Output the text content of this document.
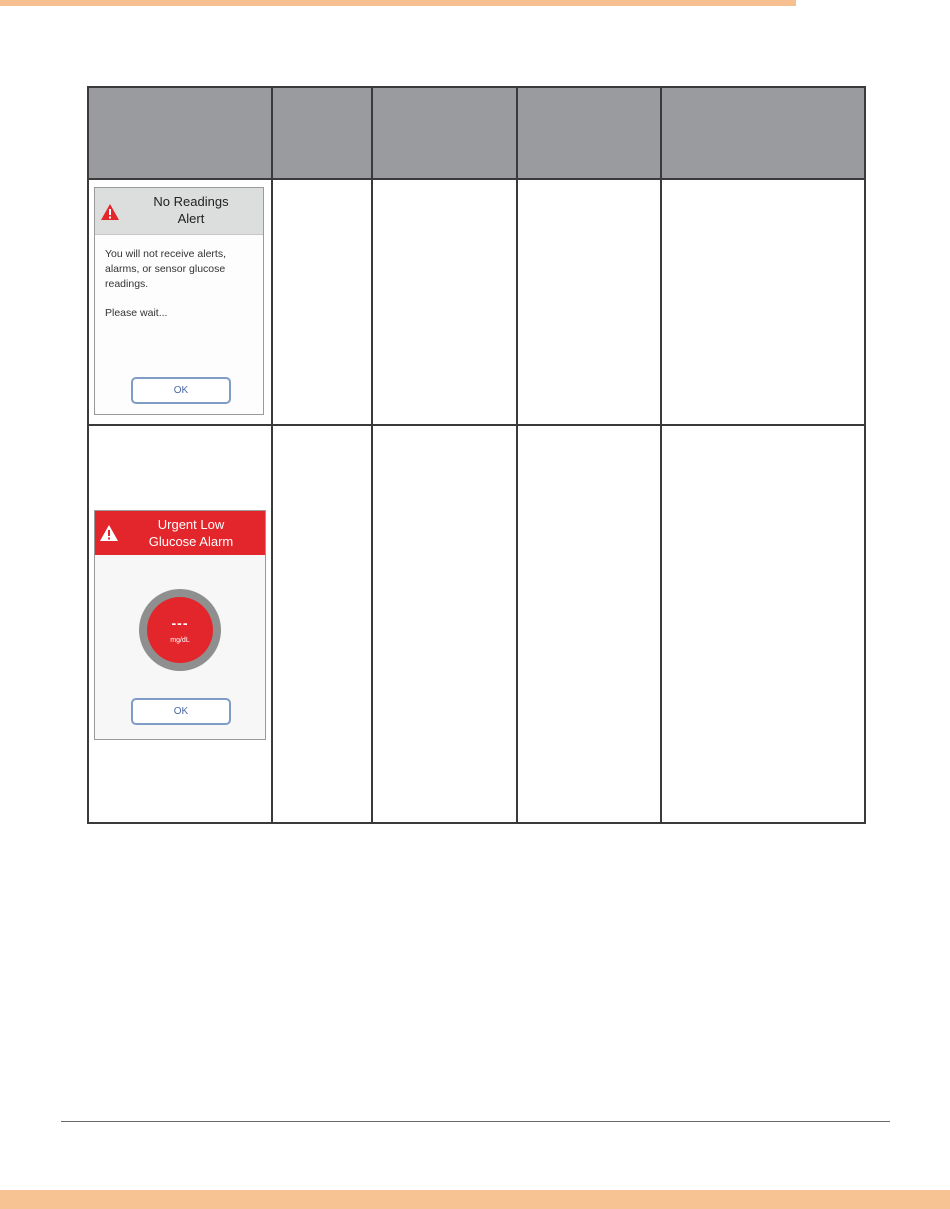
No Readings
Alert

You will not receive alerts, alarms, or sensor glucose readings.

Please wait...

OK				

Urgent Low
Glucose Alarm
---
mg/dL
OK				
